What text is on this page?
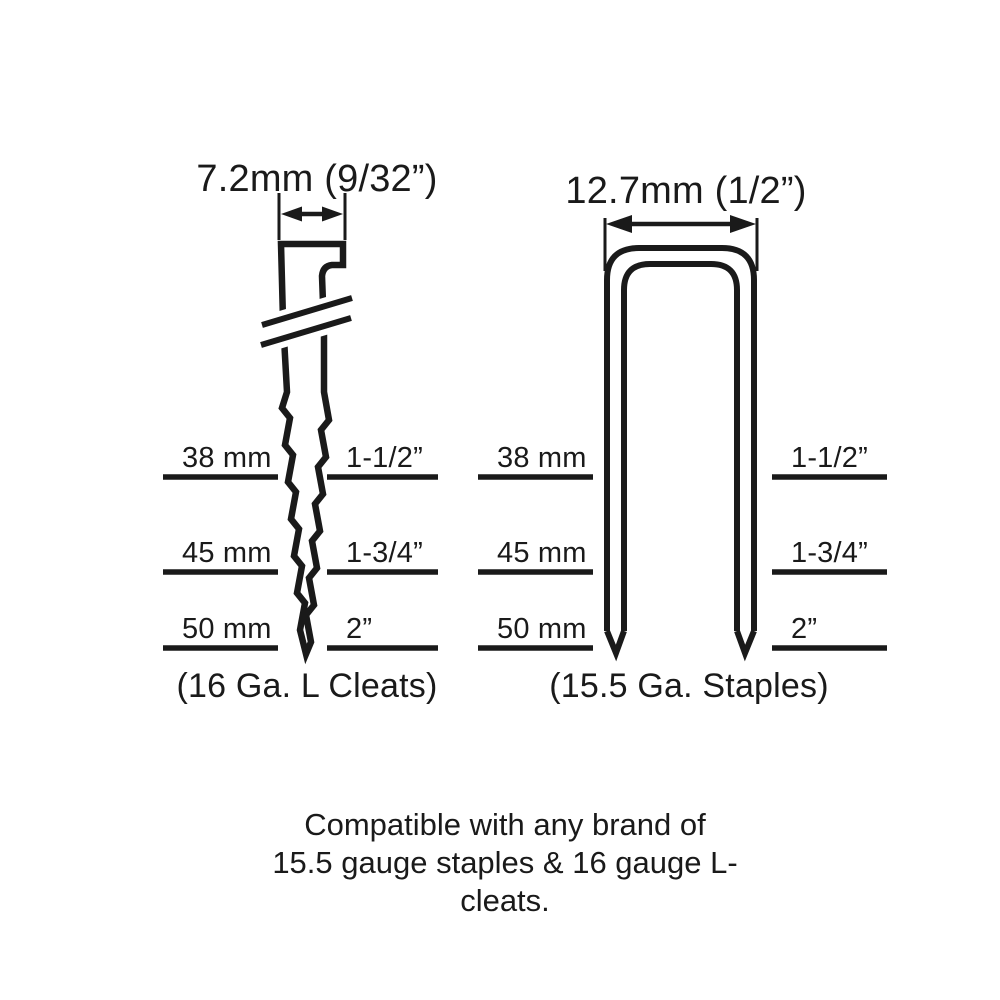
7.2mm (9/32”)	12.7mm (1/2”)
38 mm
45 mm
50 mm
1-1/2”
1-3/4”
2”
38 mm
45 mm
50 mm
1-1/2”
1-3/4”
2”
(16 Ga. L Cleats)	(15.5 Ga. Staples)
Compatible with any brand of
15.5 gauge staples & 16 gauge L-cleats.
